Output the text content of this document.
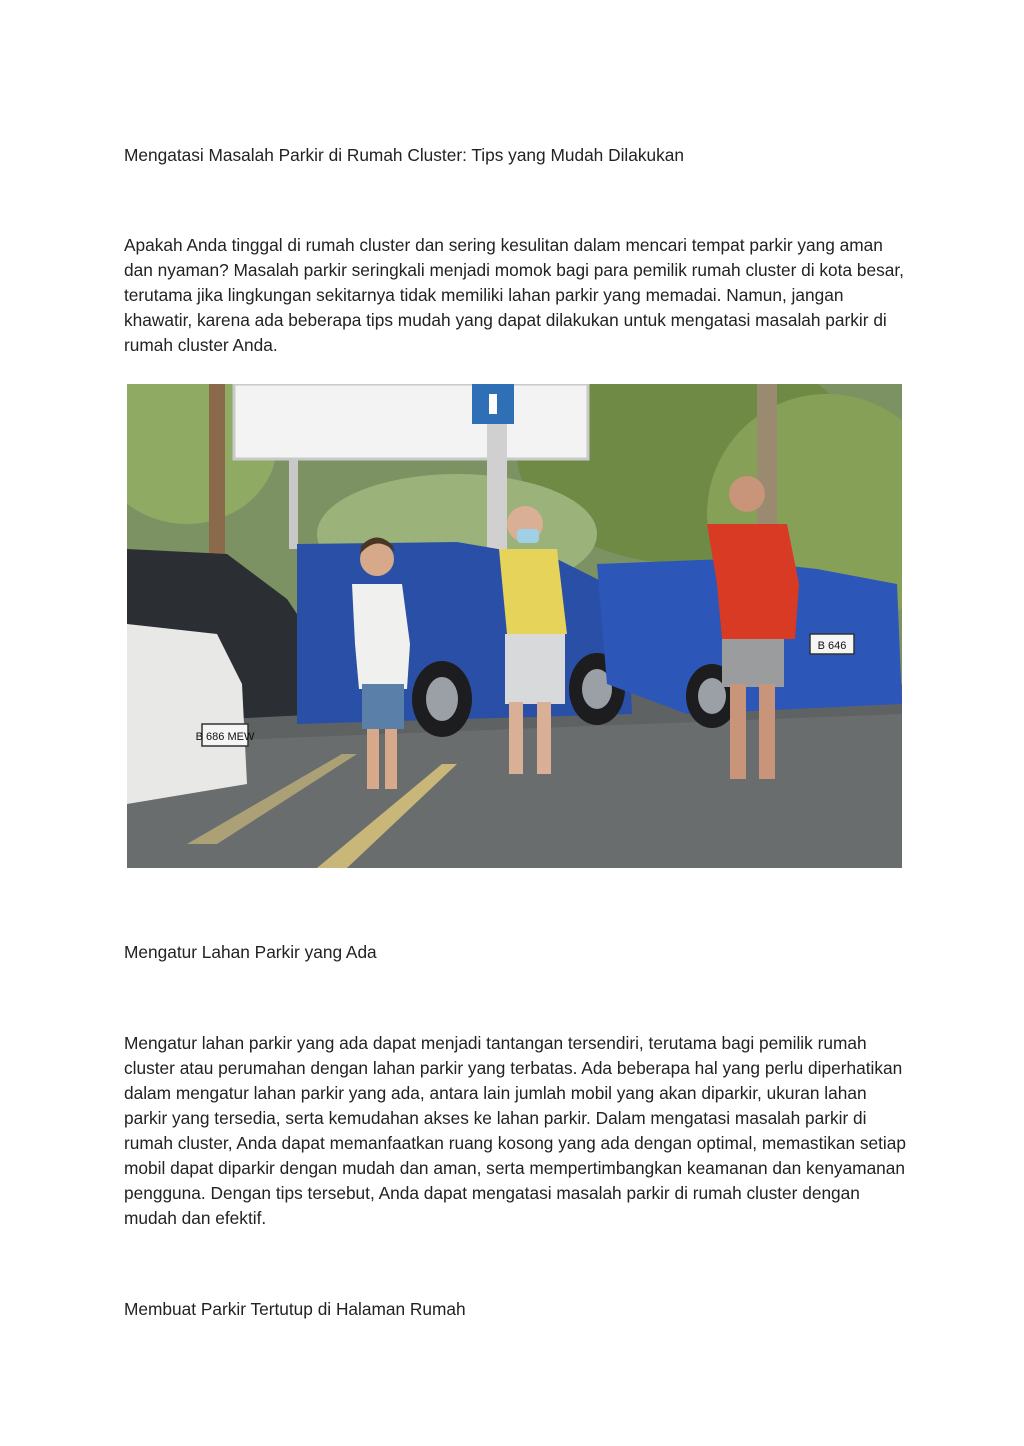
Mengatasi Masalah Parkir di Rumah Cluster: Tips yang Mudah Dilakukan

Apakah Anda tinggal di rumah cluster dan sering kesulitan dalam mencari tempat parkir yang aman dan nyaman? Masalah parkir seringkali menjadi momok bagi para pemilik rumah cluster di kota besar, terutama jika lingkungan sekitarnya tidak memiliki lahan parkir yang memadai. Namun, jangan khawatir, karena ada beberapa tips mudah yang dapat dilakukan untuk mengatasi masalah parkir di rumah cluster Anda.

B 686 MEW
B 646

Mengatur Lahan Parkir yang Ada

Mengatur lahan parkir yang ada dapat menjadi tantangan tersendiri, terutama bagi pemilik rumah cluster atau perumahan dengan lahan parkir yang terbatas. Ada beberapa hal yang perlu diperhatikan dalam mengatur lahan parkir yang ada, antara lain jumlah mobil yang akan diparkir, ukuran lahan parkir yang tersedia, serta kemudahan akses ke lahan parkir. Dalam mengatasi masalah parkir di rumah cluster, Anda dapat memanfaatkan ruang kosong yang ada dengan optimal, memastikan setiap mobil dapat diparkir dengan mudah dan aman, serta mempertimbangkan keamanan dan kenyamanan pengguna. Dengan tips tersebut, Anda dapat mengatasi masalah parkir di rumah cluster dengan mudah dan efektif.

Membuat Parkir Tertutup di Halaman Rumah
